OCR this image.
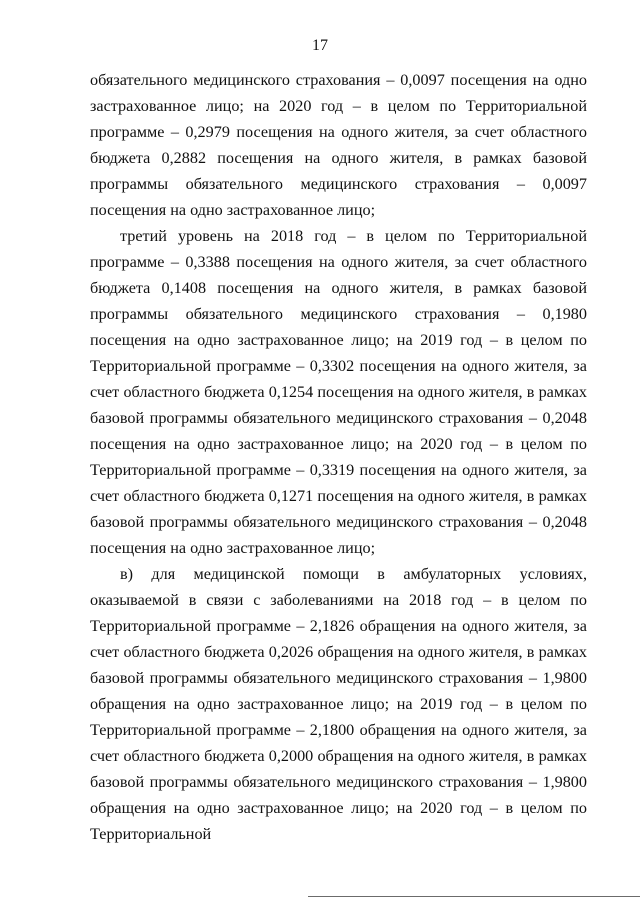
17

обязательного медицинского страхования – 0,0097 посещения на одно застрахованное лицо; на 2020 год – в целом по Территориальной программе – 0,2979 посещения на одного жителя, за счет областного бюджета 0,2882 посещения на одного жителя, в рамках базовой программы обязательного медицинского страхования – 0,0097 посещения на одно застрахованное лицо;

третий уровень на 2018 год – в целом по Территориальной программе – 0,3388 посещения на одного жителя, за счет областного бюджета 0,1408 посещения на одного жителя, в рамках базовой программы обязательного медицинского страхования – 0,1980 посещения на одно застрахованное лицо; на 2019 год – в целом по Территориальной программе – 0,3302 посещения на одного жителя, за счет областного бюджета 0,1254 посещения на одного жителя, в рамках базовой программы обязательного медицинского страхования – 0,2048 посещения на одно застрахованное лицо; на 2020 год – в целом по Территориальной программе – 0,3319 посещения на одного жителя, за счет областного бюджета 0,1271 посещения на одного жителя, в рамках базовой программы обязательного медицинского страхования – 0,2048 посещения на одно застрахованное лицо;

в) для медицинской помощи в амбулаторных условиях, оказываемой в связи с заболеваниями на 2018 год – в целом по Территориальной программе – 2,1826 обращения на одного жителя, за счет областного бюджета 0,2026 обращения на одного жителя, в рамках базовой программы обязательного медицинского страхования – 1,9800 обращения на одно застрахованное лицо; на 2019 год – в целом по Территориальной программе – 2,1800 обращения на одного жителя, за счет областного бюджета 0,2000 обращения на одного жителя, в рамках базовой программы обязательного медицинского страхования – 1,9800 обращения на одно застрахованное лицо; на 2020 год – в целом по Территориальной
